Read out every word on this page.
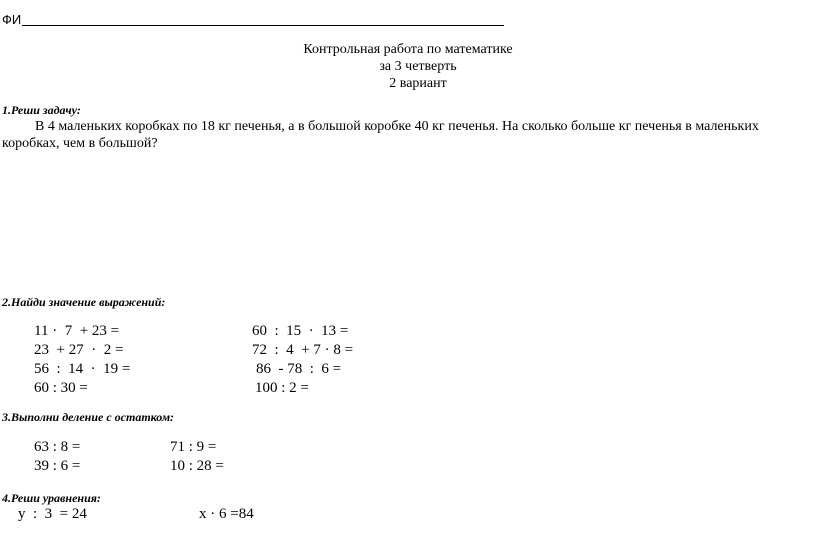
ФИ
Контрольная работа по математике
за 3 четверть
2 вариант
1.Реши задачу:
В 4 маленьких коробках по 18 кг печенья, а в большой коробке 40 кг печенья. На сколько больше кг печенья в маленьких
коробках, чем в большой?
2.Найди значение выражений:
11 ·  7  + 23 =
23  + 27  ·  2 =
56  :  14  ·  19 =
60 : 30 =
60  :  15  ·  13 =
72  :  4  + 7 · 8 =
86  - 78  :  6 =
100 : 2 =
3.Выполни деление с остатком:
63 : 8 =
39 : 6 =
71 : 9 =
10 : 28 =
4.Реши уравнения:
y  :  3  = 24	x · 6 =84
